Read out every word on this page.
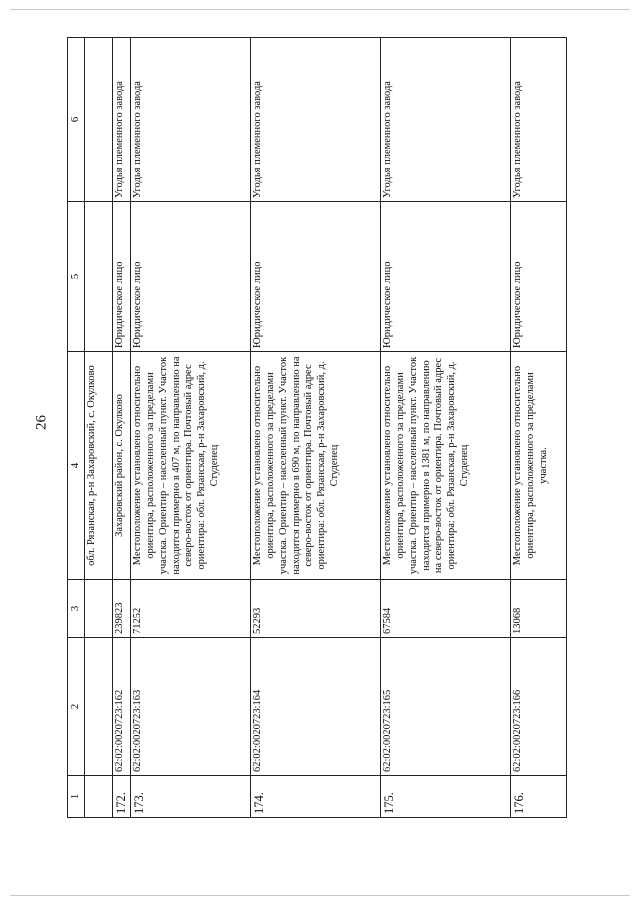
26
1	2	3	4	5	6
			обл. Рязанская, р-н Захаровский, с. Окулково		
172.	62:02:0020723:162	239823	Захаровский район, с. Окулково	Юридическое лицо	Угодья племенного завода
173.	62:02:0020723:163	71252	Местоположение установлено относительно ориентира, расположенного за пределами участка. Ориентир – населенный пункт. Участок находится примерно в 407 м, по направлению на северо-восток от ориентира. Почтовый адрес ориентира: обл. Рязанская, р-н Захаровский, д. Студенец	Юридическое лицо	Угодья племенного завода
174.	62:02:0020723:164	52293	Местоположение установлено относительно ориентира, расположенного за пределами участка. Ориентир – населенный пункт. Участок находится примерно в 690 м, по направлению на северо-восток от ориентира. Почтовый адрес ориентира: обл. Рязанская, р-н Захаровский, д. Студенец	Юридическое лицо	Угодья племенного завода
175.	62:02:0020723:165	67584	Местоположение установлено относительно ориентира, расположенного за пределами участка. Ориентир – населенный пункт. Участок находится примерно в 1381 м, по направлению на северо-восток от ориентира. Почтовый адрес ориентира: обл. Рязанская, р-н Захаровский, д. Студенец	Юридическое лицо	Угодья племенного завода
176.	62:02:0020723:166	13068	Местоположение установлено относительно ориентира, расположенного за пределами участка.	Юридическое лицо	Угодья племенного завода
